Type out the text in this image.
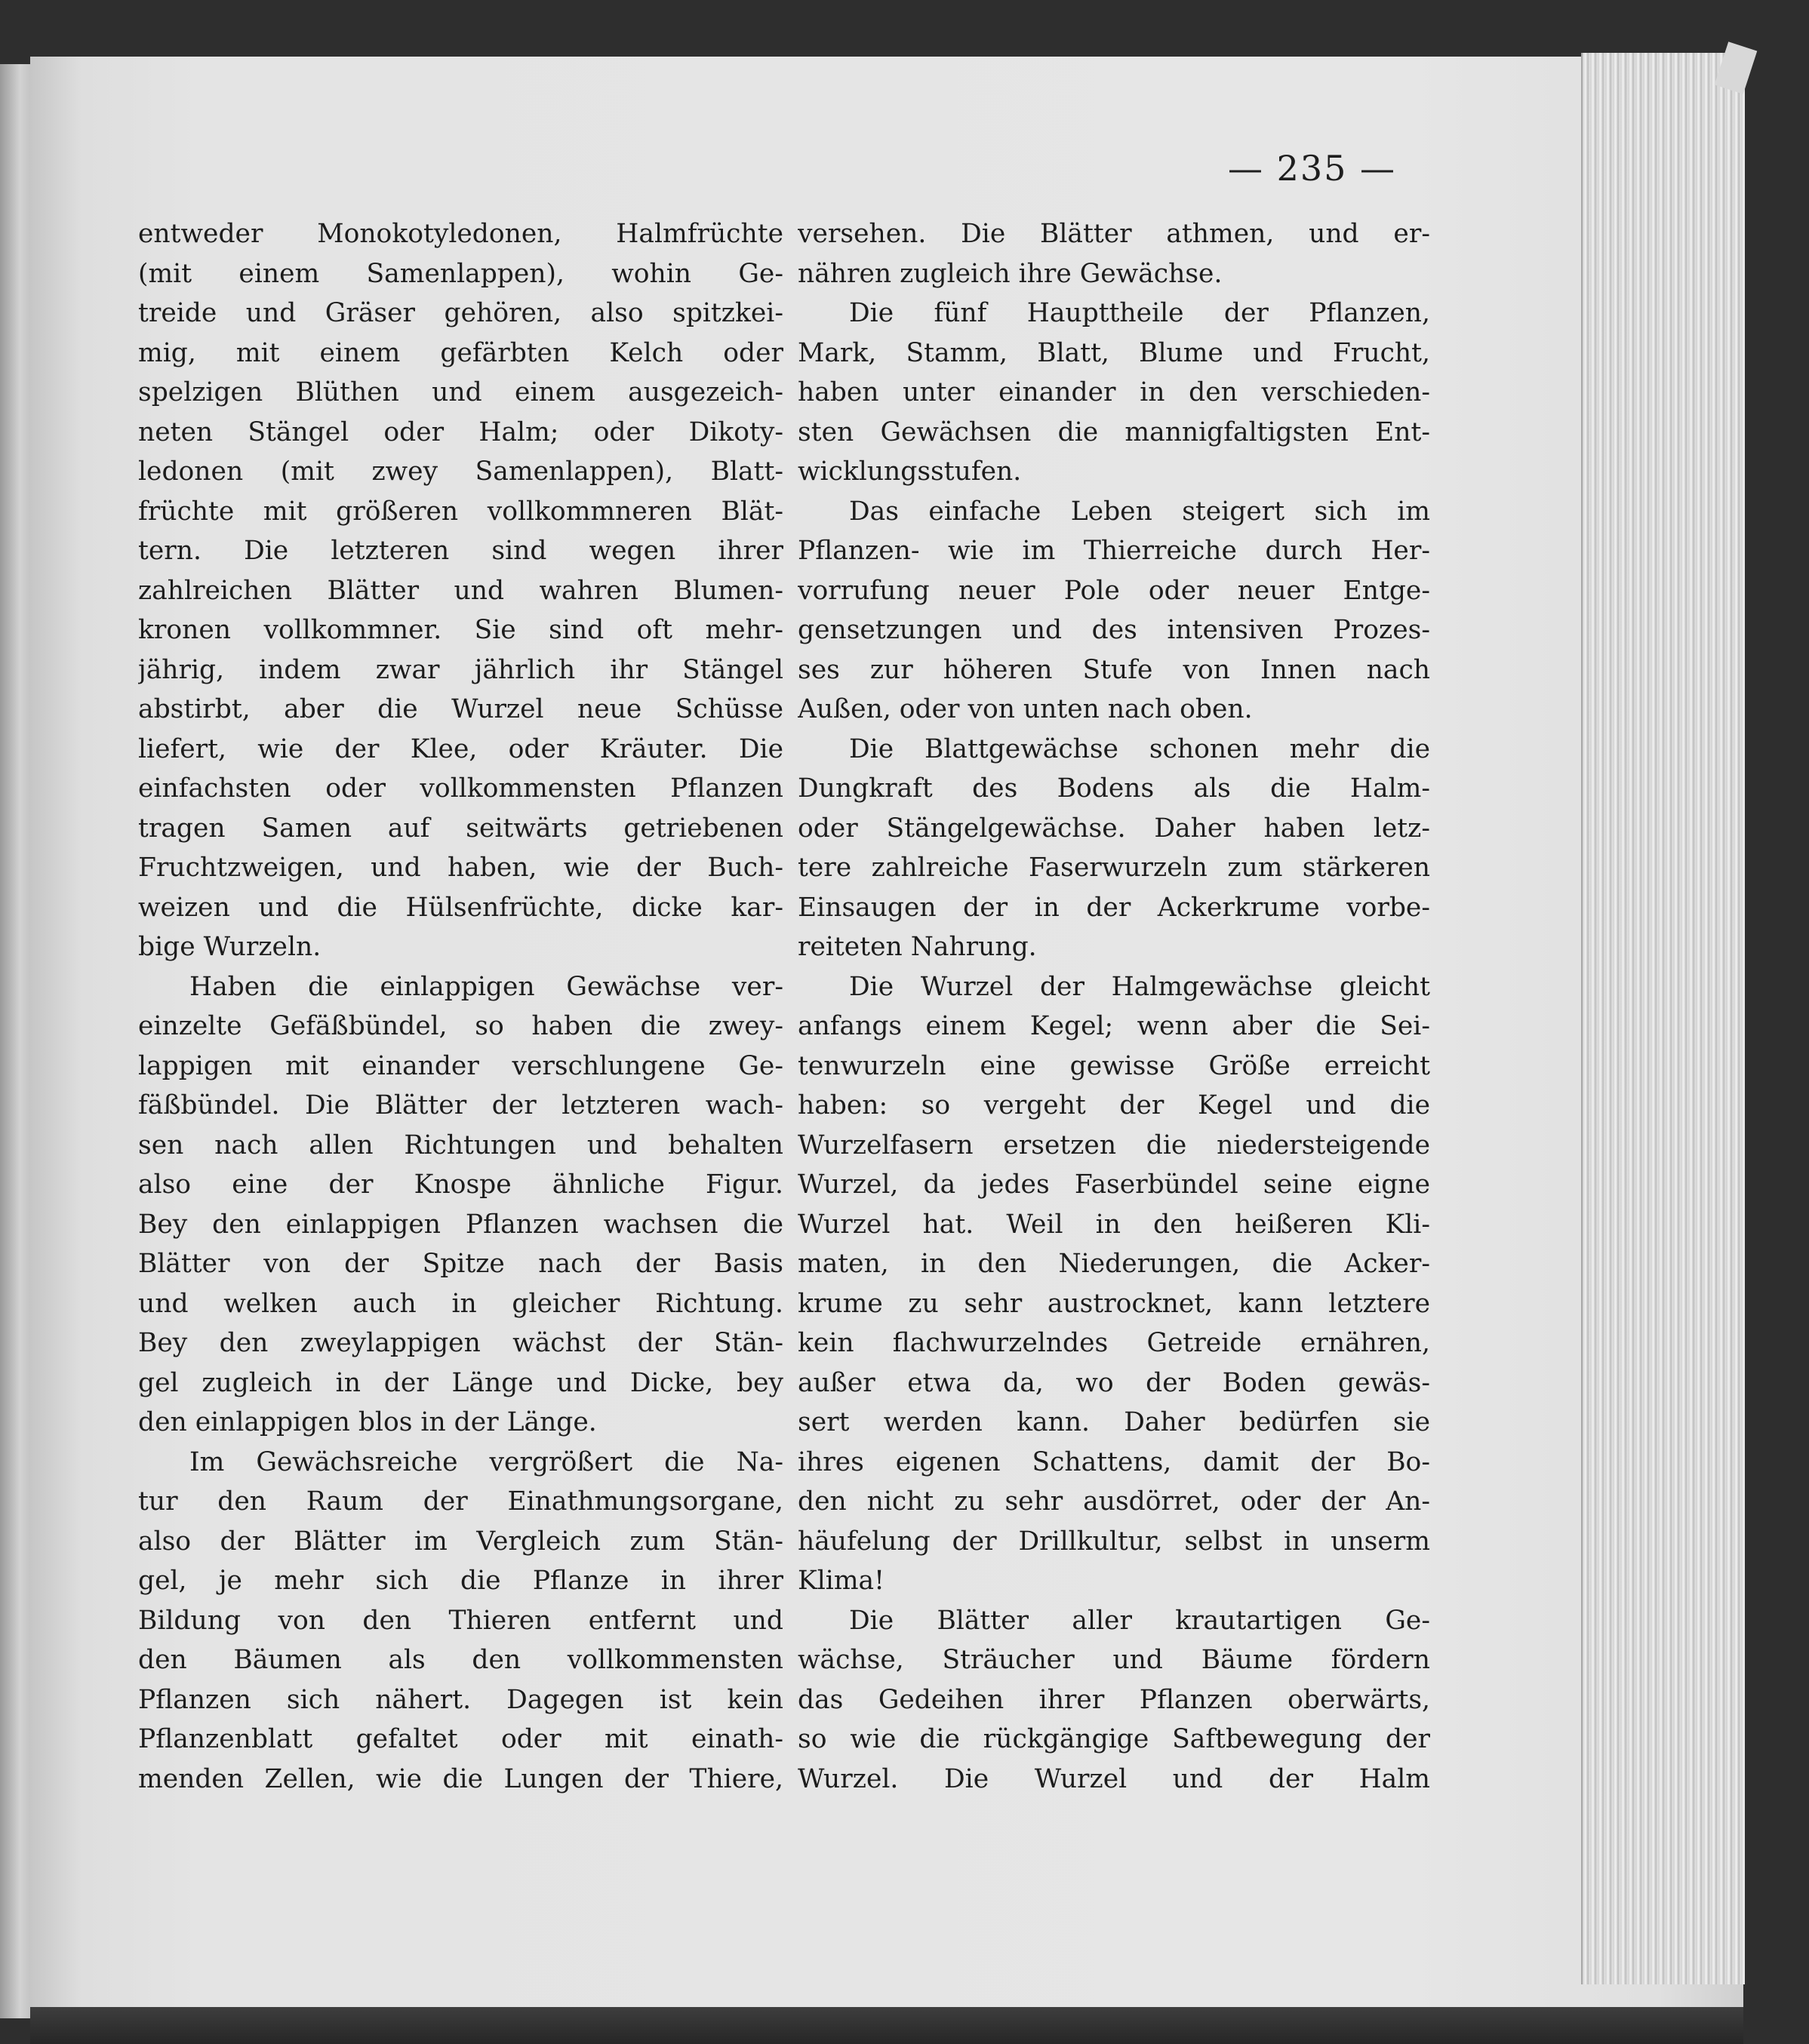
— 235 —
entweder Monokotyledonen, Halmfrüchte
(mit einem Samenlappen), wohin Ge-
treide und Gräser gehören, also spitzkei-
mig, mit einem gefärbten Kelch oder
spelzigen Blüthen und einem ausgezeich-
neten Stängel oder Halm; oder Dikoty-
ledonen (mit zwey Samenlappen), Blatt-
früchte mit größeren vollkommneren Blät-
tern. Die letzteren sind wegen ihrer
zahlreichen Blätter und wahren Blumen-
kronen vollkommner. Sie sind oft mehr-
jährig, indem zwar jährlich ihr Stängel
abstirbt, aber die Wurzel neue Schüsse
liefert, wie der Klee, oder Kräuter. Die
einfachsten oder vollkommensten Pflanzen
tragen Samen auf seitwärts getriebenen
Fruchtzweigen, und haben, wie der Buch-
weizen und die Hülsenfrüchte, dicke kar-
bige Wurzeln.
Haben die einlappigen Gewächse ver-
einzelte Gefäßbündel, so haben die zwey-
lappigen mit einander verschlungene Ge-
fäßbündel. Die Blätter der letzteren wach-
sen nach allen Richtungen und behalten
also eine der Knospe ähnliche Figur.
Bey den einlappigen Pflanzen wachsen die
Blätter von der Spitze nach der Basis
und welken auch in gleicher Richtung.
Bey den zweylappigen wächst der Stän-
gel zugleich in der Länge und Dicke, bey
den einlappigen blos in der Länge.
Im Gewächsreiche vergrößert die Na-
tur den Raum der Einathmungsorgane,
also der Blätter im Vergleich zum Stän-
gel, je mehr sich die Pflanze in ihrer
Bildung von den Thieren entfernt und
den Bäumen als den vollkommensten
Pflanzen sich nähert. Dagegen ist kein
Pflanzenblatt gefaltet oder mit einath-
menden Zellen, wie die Lungen der Thiere,
versehen. Die Blätter athmen, und er-
nähren zugleich ihre Gewächse.
Die fünf Haupttheile der Pflanzen,
Mark, Stamm, Blatt, Blume und Frucht,
haben unter einander in den verschieden-
sten Gewächsen die mannigfaltigsten Ent-
wicklungsstufen.
Das einfache Leben steigert sich im
Pflanzen- wie im Thierreiche durch Her-
vorrufung neuer Pole oder neuer Entge-
gensetzungen und des intensiven Prozes-
ses zur höheren Stufe von Innen nach
Außen, oder von unten nach oben.
Die Blattgewächse schonen mehr die
Dungkraft des Bodens als die Halm-
oder Stängelgewächse. Daher haben letz-
tere zahlreiche Faserwurzeln zum stärkeren
Einsaugen der in der Ackerkrume vorbe-
reiteten Nahrung.
Die Wurzel der Halmgewächse gleicht
anfangs einem Kegel; wenn aber die Sei-
tenwurzeln eine gewisse Größe erreicht
haben: so vergeht der Kegel und die
Wurzelfasern ersetzen die niedersteigende
Wurzel, da jedes Faserbündel seine eigne
Wurzel hat. Weil in den heißeren Kli-
maten, in den Niederungen, die Acker-
krume zu sehr austrocknet, kann letztere
kein flachwurzelndes Getreide ernähren,
außer etwa da, wo der Boden gewäs-
sert werden kann. Daher bedürfen sie
ihres eigenen Schattens, damit der Bo-
den nicht zu sehr ausdörret, oder der An-
häufelung der Drillkultur, selbst in unserm
Klima!
Die Blätter aller krautartigen Ge-
wächse, Sträucher und Bäume fördern
das Gedeihen ihrer Pflanzen oberwärts,
so wie die rückgängige Saftbewegung der
Wurzel. Die Wurzel und der Halm
